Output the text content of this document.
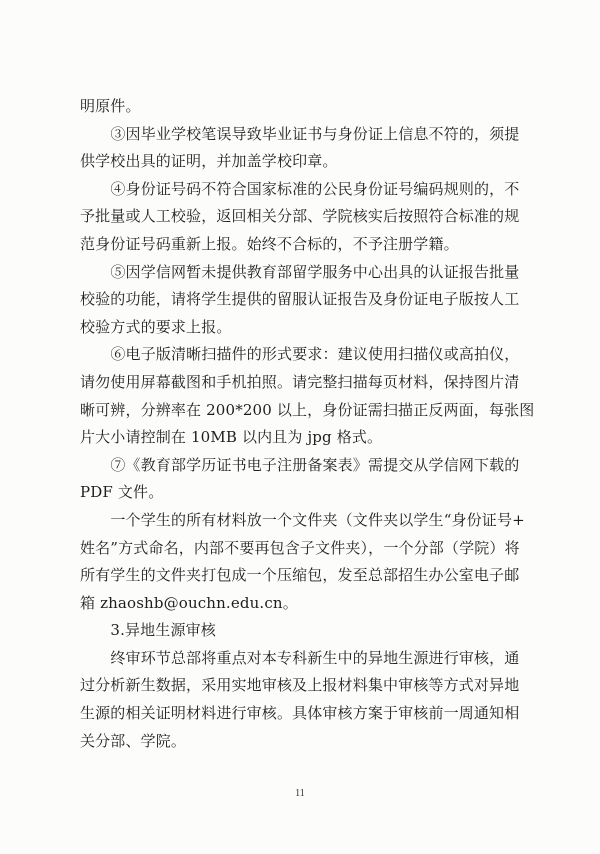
明原件。
③因毕业学校笔误导致毕业证书与身份证上信息不符的，须提
供学校出具的证明，并加盖学校印章。
④身份证号码不符合国家标准的公民身份证号编码规则的，不
予批量或人工校验，返回相关分部、学院核实后按照符合标准的规
范身份证号码重新上报。始终不合标的，不予注册学籍。
⑤因学信网暂未提供教育部留学服务中心出具的认证报告批量
校验的功能，请将学生提供的留服认证报告及身份证电子版按人工
校验方式的要求上报。
⑥电子版清晰扫描件的形式要求：建议使用扫描仪或高拍仪，
请勿使用屏幕截图和手机拍照。请完整扫描每页材料，保持图片清
晰可辨，分辨率在 200*200 以上，身份证需扫描正反两面，每张图
片大小请控制在 10MB 以内且为 jpg 格式。
⑦《教育部学历证书电子注册备案表》需提交从学信网下载的
PDF 文件。
一个学生的所有材料放一个文件夹（文件夹以学生“身份证号+
姓名”方式命名，内部不要再包含子文件夹），一个分部（学院）将
所有学生的文件夹打包成一个压缩包，发至总部招生办公室电子邮
箱 zhaoshb@ouchn.edu.cn。
3.异地生源审核
终审环节总部将重点对本专科新生中的异地生源进行审核，通
过分析新生数据，采用实地审核及上报材料集中审核等方式对异地
生源的相关证明材料进行审核。具体审核方案于审核前一周通知相
关分部、学院。
11
